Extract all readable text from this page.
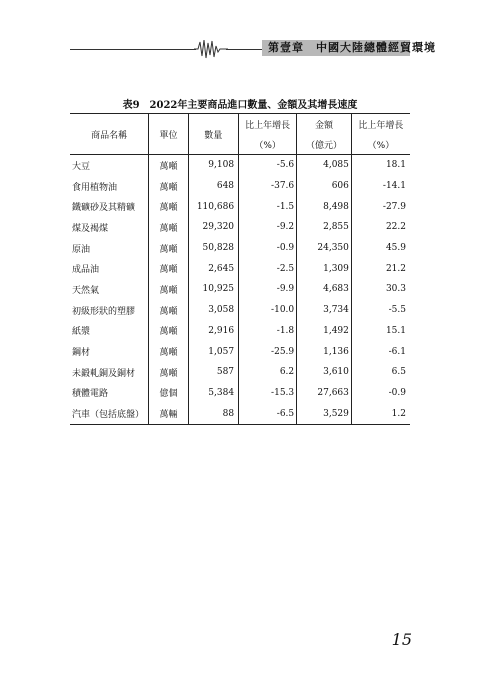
第壹章　中國大陸總體經貿環境
表9　2022年主要商品進口數量、金額及其增長速度
商品名稱	單位	數量	比上年增長	金額	比上年增長
			（%）	（億元）	（%）
大豆	萬噸	9,108	-5.6	4,085	18.1
食用植物油	萬噸	648	-37.6	606	-14.1
鐵礦砂及其精礦	萬噸	110,686	-1.5	8,498	-27.9
煤及褐煤	萬噸	29,320	-9.2	2,855	22.2
原油	萬噸	50,828	-0.9	24,350	45.9
成品油	萬噸	2,645	-2.5	1,309	21.2
天然氣	萬噸	10,925	-9.9	4,683	30.3
初級形狀的塑膠	萬噸	3,058	-10.0	3,734	-5.5
紙漿	萬噸	2,916	-1.8	1,492	15.1
鋼材	萬噸	1,057	-25.9	1,136	-6.1
未鍛軋銅及銅材	萬噸	587	6.2	3,610	6.5
積體電路	億個	5,384	-15.3	27,663	-0.9
汽車（包括底盤）	萬輛	88	-6.5	3,529	1.2
15
